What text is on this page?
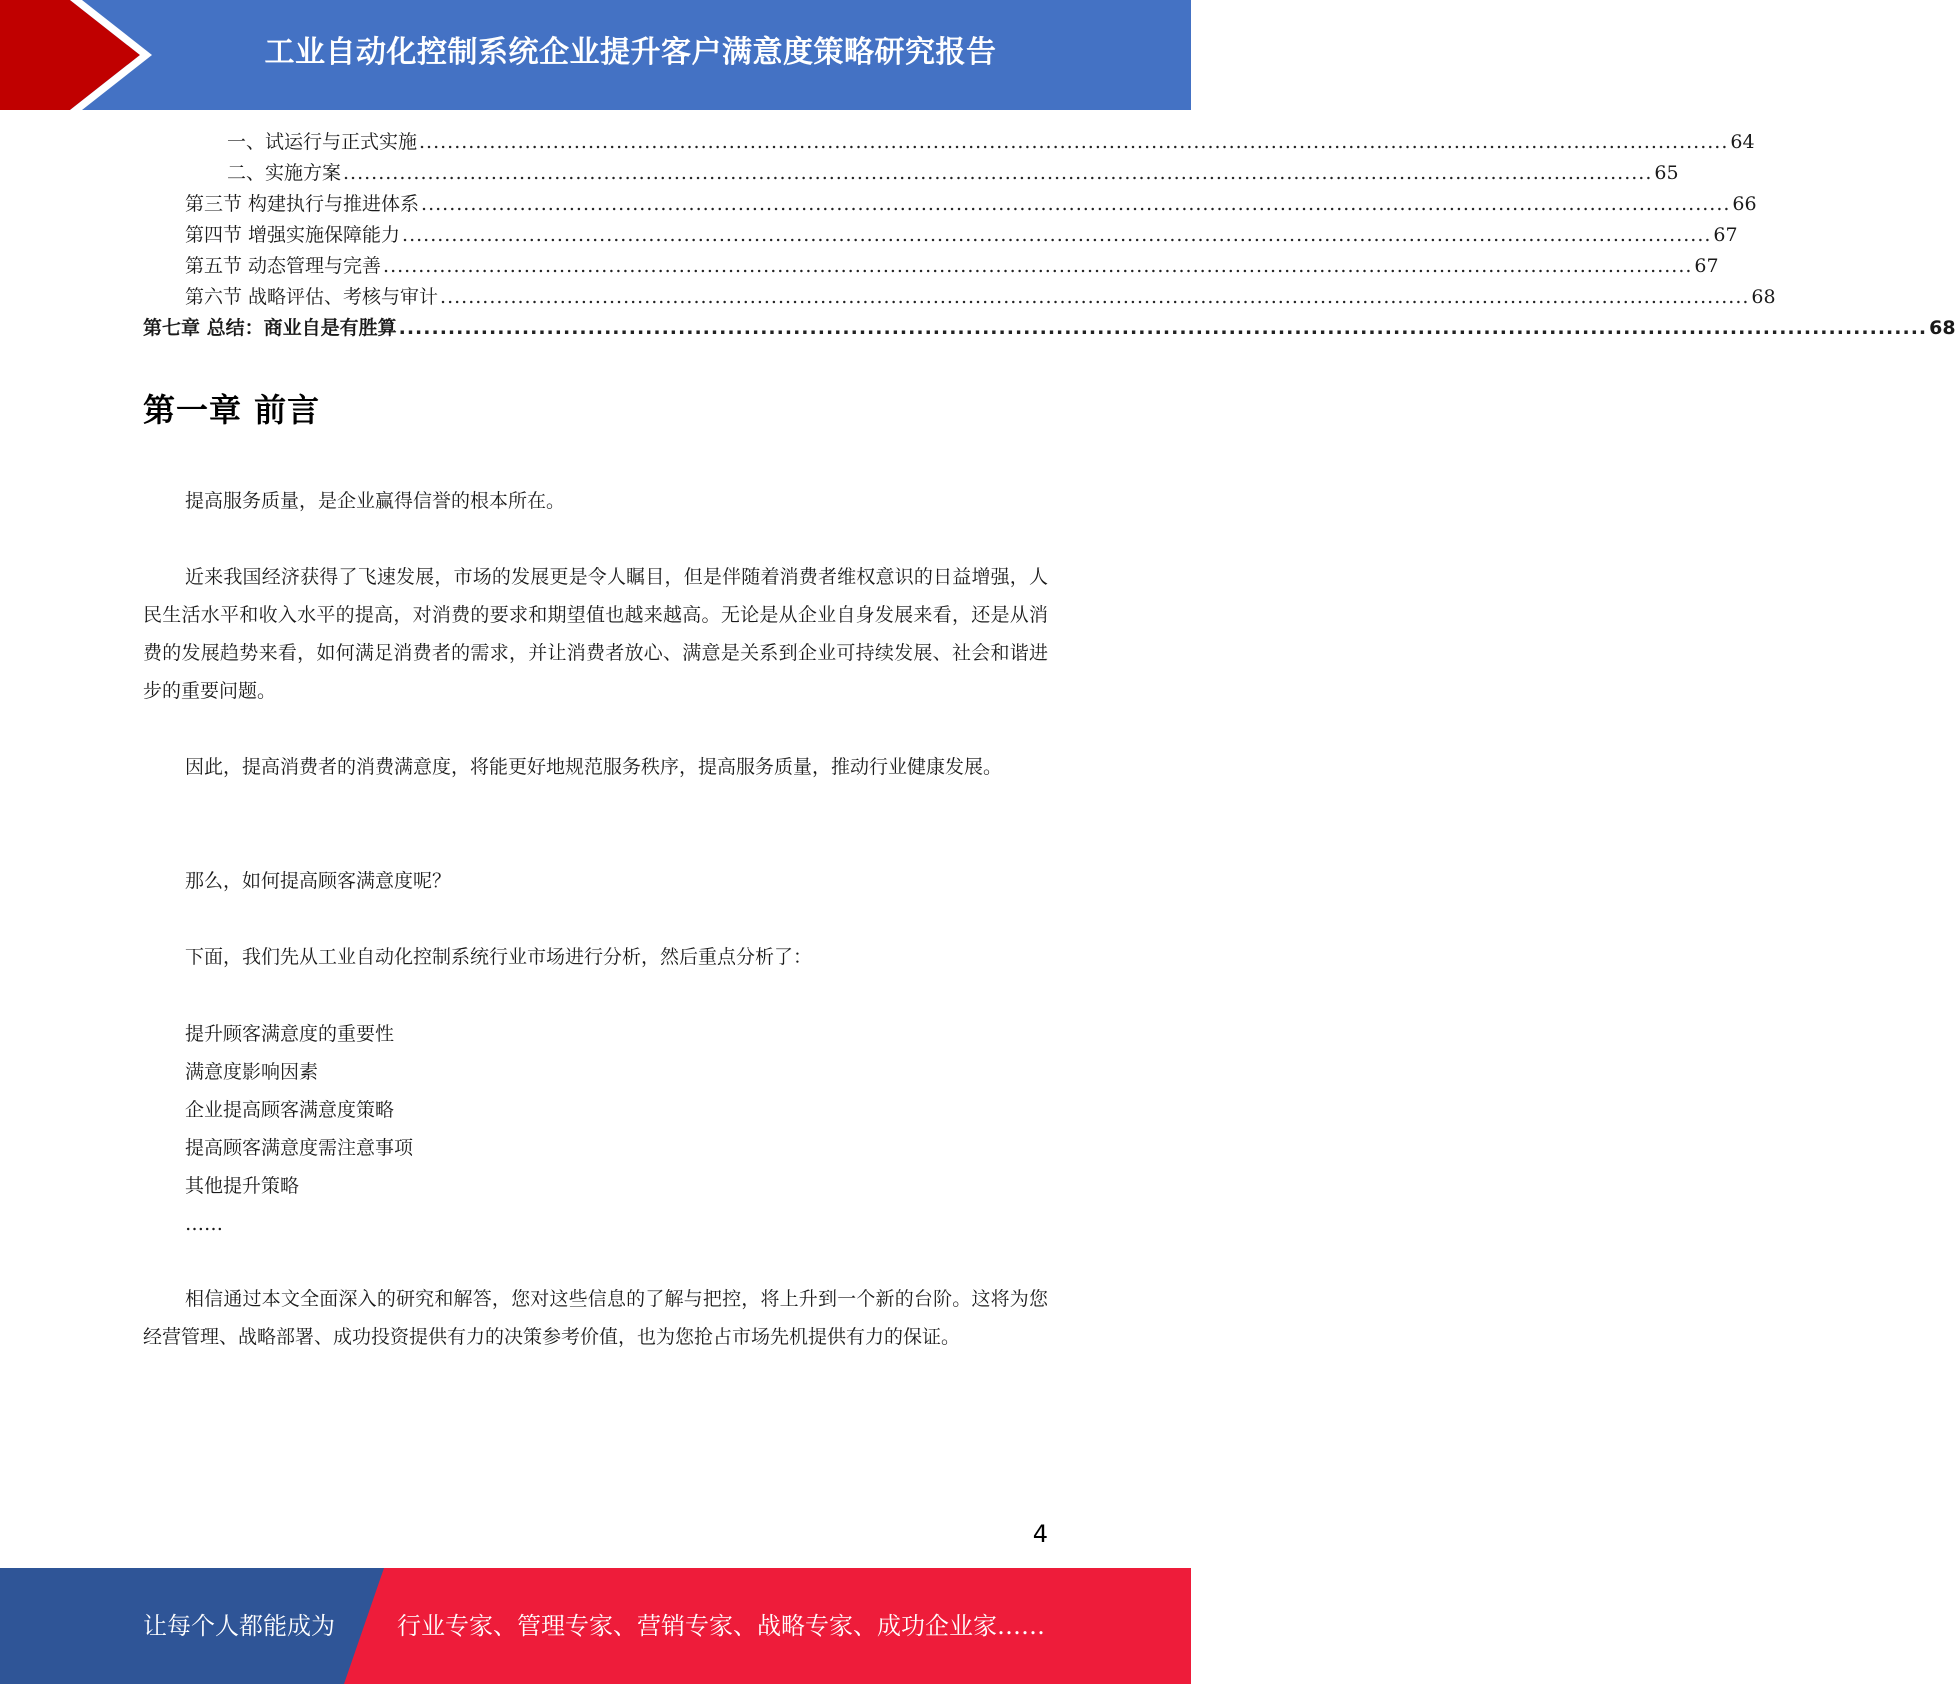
工业自动化控制系统企业提升客户满意度策略研究报告
一、试运行与正式实施 .......................................................................................................................................................................................... 64
二、实施方案 .......................................................................................................................................................................................... 65
第三节 构建执行与推进体系 .......................................................................................................................................................................................... 66
第四节 增强实施保障能力 .......................................................................................................................................................................................... 67
第五节 动态管理与完善 .......................................................................................................................................................................................... 67
第六节 战略评估、考核与审计 .......................................................................................................................................................................................... 68
第七章 总结：商业自是有胜算 .......................................................................................................................................................................................... 68
第一章 前言

提高服务质量，是企业赢得信誉的根本所在。

近来我国经济获得了飞速发展，市场的发展更是令人瞩目，但是伴随着消费者维权意识的日益增强，人民生活水平和收入水平的提高，对消费的要求和期望值也越来越高。无论是从企业自身发展来看，还是从消费的发展趋势来看，如何满足消费者的需求，并让消费者放心、满意是关系到企业可持续发展、社会和谐进步的重要问题。

因此，提高消费者的消费满意度，将能更好地规范服务秩序，提高服务质量，推动行业健康发展。

那么，如何提高顾客满意度呢？

下面，我们先从工业自动化控制系统行业市场进行分析，然后重点分析了：

提升顾客满意度的重要性
满意度影响因素
企业提高顾客满意度策略
提高顾客满意度需注意事项
其他提升策略
……

相信通过本文全面深入的研究和解答，您对这些信息的了解与把控，将上升到一个新的台阶。这将为您经营管理、战略部署、成功投资提供有力的决策参考价值，也为您抢占市场先机提供有力的保证。

4
让每个人都能成为	行业专家、管理专家、营销专家、战略专家、成功企业家……
